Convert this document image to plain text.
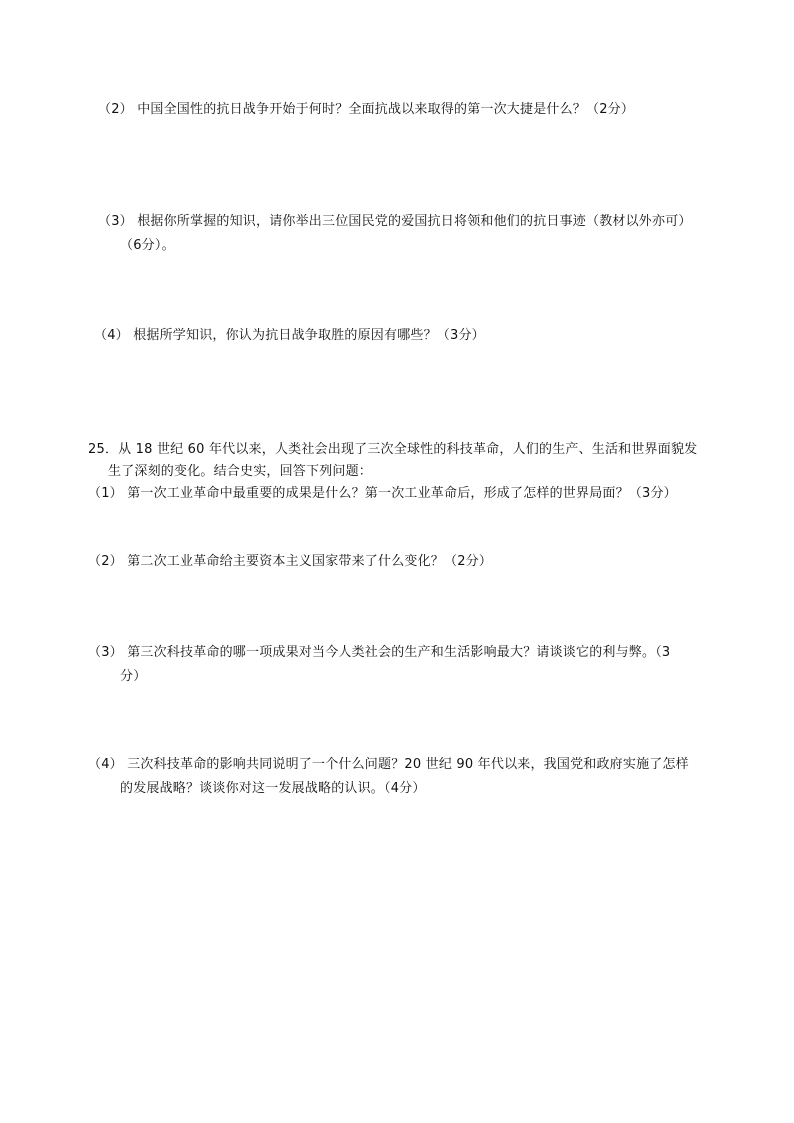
（2） 中国全国性的抗日战争开始于何时？全面抗战以来取得的第一次大捷是什么？（2分）
（3） 根据你所掌握的知识，请你举出三位国民党的爱国抗日将领和他们的抗日事迹（教材以外亦可）
（6分）。
（4） 根据所学知识，你认为抗日战争取胜的原因有哪些？（3分）
25．从 18 世纪 60 年代以来，人类社会出现了三次全球性的科技革命，人们的生产、生活和世界面貌发
生了深刻的变化。结合史实，回答下列问题：
（1） 第一次工业革命中最重要的成果是什么？第一次工业革命后，形成了怎样的世界局面？（3分）
（2） 第二次工业革命给主要资本主义国家带来了什么变化？（2分）
（3） 第三次科技革命的哪一项成果对当今人类社会的生产和生活影响最大？请谈谈它的利与弊。（3
分）
（4） 三次科技革命的影响共同说明了一个什么问题？20 世纪 90 年代以来，我国党和政府实施了怎样
的发展战略？谈谈你对这一发展战略的认识。（4分）
